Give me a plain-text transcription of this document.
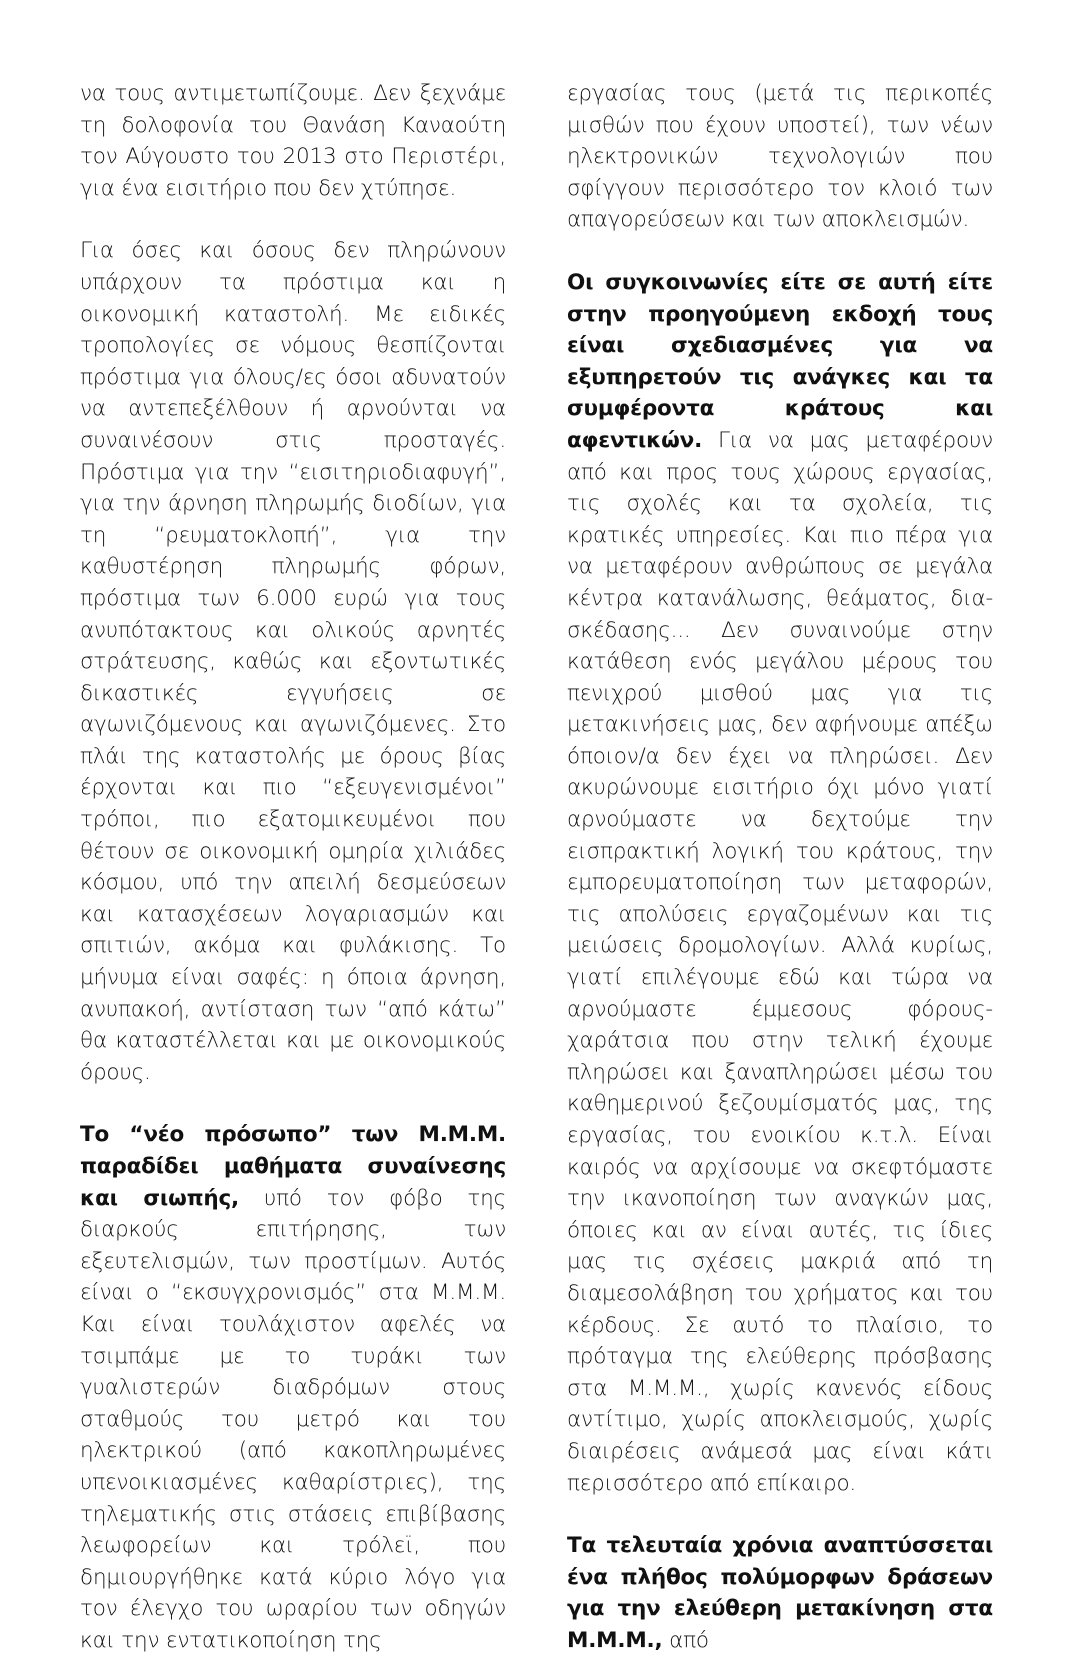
να τους αντιμετωπίζουμε. Δεν ξεχνάμε τη δολοφονία του Θανάση Καναούτη τον Αύγουστο του 2013 στο Περιστέρι, για ένα εισιτήριο που δεν χτύπησε.

Για όσες και όσους δεν πληρώνουν υπάρχουν τα πρόστιμα και η οικονομική καταστολή. Με ειδικές τροπολογίες σε νόμους θεσπίζονται πρόστιμα για όλους/ες όσοι αδυνατούν να αντεπεξέλθουν ή αρνούνται να συναινέσουν στις προσταγές. Πρόστιμα για την “εισιτηριοδιαφυγή”, για την άρνηση πληρωμής διοδίων, για τη “ρευματοκλοπή”, για την καθυστέρηση πληρωμής φόρων, πρόστιμα των 6.000 ευρώ για τους ανυπότακτους και ολικούς αρνητές στράτευσης, καθώς και εξοντωτικές δικαστικές εγγυήσεις σε αγωνιζόμενους και αγωνιζόμενες. Στο πλάι της καταστολής με όρους βίας έρχονται και πιο “εξευγενισμένοι” τρόποι, πιο εξατομικευμένοι που θέτουν σε οικονομική ομηρία χιλιάδες κόσμου, υπό την απειλή δεσμεύσεων και κατασχέσεων λογαριασμών και σπιτιών, ακόμα και φυλάκισης. Το μήνυμα είναι σαφές: η όποια άρνηση, ανυπακοή, αντίσταση των “από κάτω” θα καταστέλλεται και με οικονομικούς όρους.

Το “νέο πρόσωπο” των Μ.Μ.Μ. παραδίδει μαθήματα συναίνεσης και σιωπής, υπό τον φόβο της διαρκούς επιτήρησης, των εξευτελισμών, των προστίμων. Αυτός είναι ο “εκσυγχρονισμός” στα Μ.Μ.Μ. Και είναι τουλάχιστον αφελές να τσιμπάμε με το τυράκι των γυαλιστερών διαδρόμων στους σταθμούς του μετρό και του ηλεκτρικού (από κακοπληρωμένες υπενοικιασμένες καθαρίστριες), της τηλεματικής στις στάσεις επιβίβασης λεωφορείων και τρόλεϊ, που δημιουργήθηκε κατά κύριο λόγο για τον έλεγχο του ωραρίου των οδηγών και την εντατικοποίηση της

εργασίας τους (μετά τις περικοπές μισθών που έχουν υποστεί), των νέων ηλεκτρονικών τεχνολογιών που σφίγγουν περισσότερο τον κλοιό των απαγορεύσεων και των αποκλεισμών.

Οι συγκοινωνίες είτε σε αυτή είτε στην προηγούμενη εκδοχή τους είναι σχεδιασμένες για να εξυπηρετούν τις ανάγκες και τα συμφέροντα κράτους και αφεντικών. Για να μας μεταφέρουν από και προς τους χώρους εργασίας, τις σχολές και τα σχολεία, τις κρατικές υπηρεσίες. Και πιο πέρα για να μεταφέρουν ανθρώπους σε μεγάλα κέντρα κατανάλωσης, θεάματος, δια-σκέδασης... Δεν συναινούμε στην κατάθεση ενός μεγάλου μέρους του πενιχρού μισθού μας για τις μετακινήσεις μας, δεν αφήνουμε απέξω όποιον/α δεν έχει να πληρώσει. Δεν ακυρώνουμε εισιτήριο όχι μόνο γιατί αρνούμαστε να δεχτούμε την εισπρακτική λογική του κράτους, την εμπορευματοποίηση των μεταφορών, τις απολύσεις εργαζομένων και τις μειώσεις δρομολογίων. Αλλά κυρίως, γιατί επιλέγουμε εδώ και τώρα να αρνούμαστε έμμεσους φόρους-χαράτσια που στην τελική έχουμε πληρώσει και ξαναπληρώσει μέσω του καθημερινού ξεζουμίσματός μας, της εργασίας, του ενοικίου κ.τ.λ. Είναι καιρός να αρχίσουμε να σκεφτόμαστε την ικανοποίηση των αναγκών μας, όποιες και αν είναι αυτές, τις ίδιες μας τις σχέσεις μακριά από τη διαμεσολάβηση του χρήματος και του κέρδους. Σε αυτό το πλαίσιο, το πρόταγμα της ελεύθερης πρόσβασης στα Μ.Μ.Μ., χωρίς κανενός είδους αντίτιμο, χωρίς αποκλεισμούς, χωρίς διαιρέσεις ανάμεσά μας είναι κάτι περισσότερο από επίκαιρο.

Τα τελευταία χρόνια αναπτύσσεται ένα πλήθος πολύμορφων δράσεων για την ελεύθερη μετακίνηση στα Μ.Μ.Μ., από
